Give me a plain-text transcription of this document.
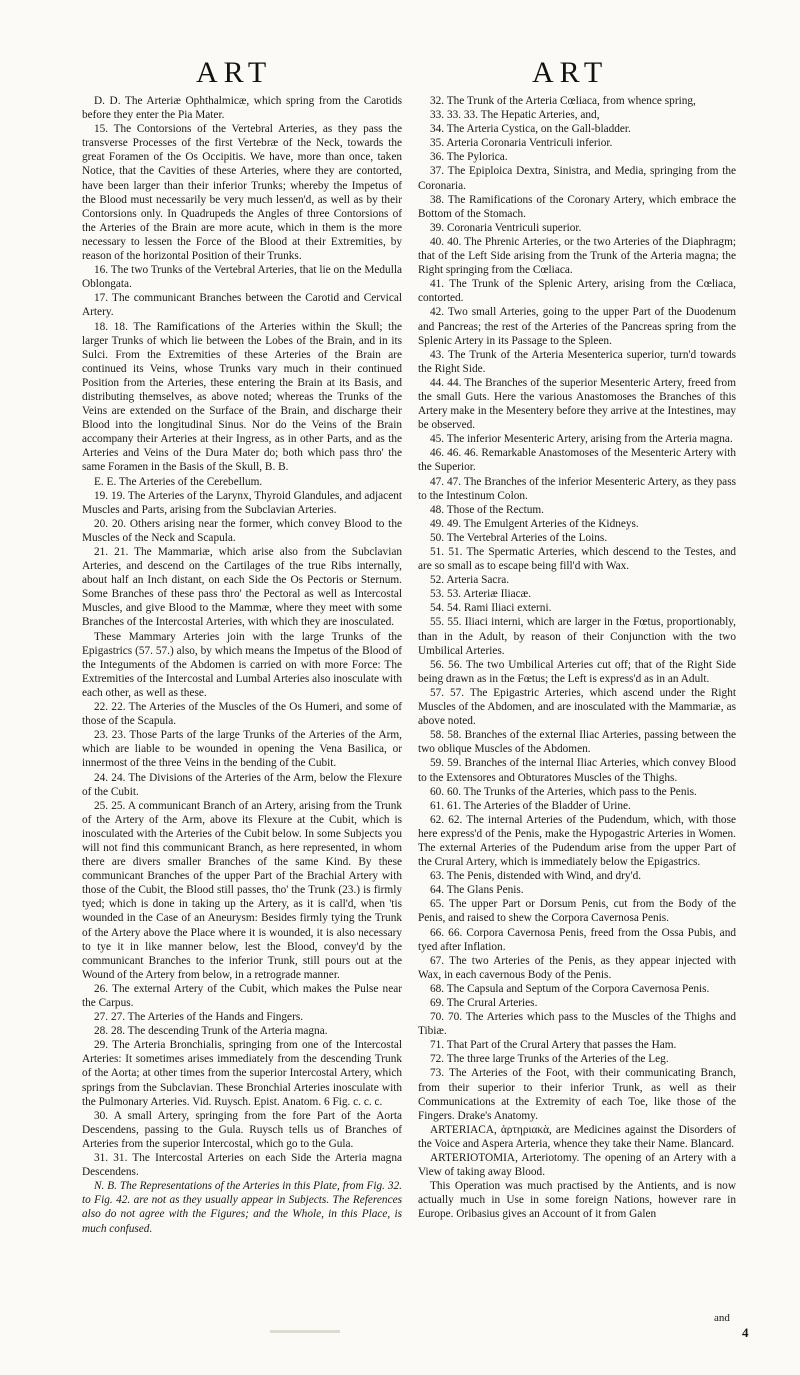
ART	ART

D. D. The Arteriæ Ophthalmicæ, which spring from the Carotids before they enter the Pia Mater.

15. The Contorsions of the Vertebral Arteries, as they pass the transverse Processes of the first Vertebræ of the Neck, towards the great Foramen of the Os Occipitis. We have, more than once, taken Notice, that the Cavities of these Arteries, where they are contorted, have been larger than their inferior Trunks; whereby the Impetus of the Blood must necessarily be very much lessen'd, as well as by their Contorsions only. In Quadrupeds the Angles of three Contorsions of the Arteries of the Brain are more acute, which in them is the more necessary to lessen the Force of the Blood at their Extremities, by reason of the horizontal Position of their Trunks.

16. The two Trunks of the Vertebral Arteries, that lie on the Medulla Oblongata.

17. The communicant Branches between the Carotid and Cervical Artery.

18. 18. The Ramifications of the Arteries within the Skull; the larger Trunks of which lie between the Lobes of the Brain, and in its Sulci. From the Extremities of these Arteries of the Brain are continued its Veins, whose Trunks vary much in their continued Position from the Arteries, these entering the Brain at its Basis, and distributing themselves, as above noted; whereas the Trunks of the Veins are extended on the Surface of the Brain, and discharge their Blood into the longitudinal Sinus. Nor do the Veins of the Brain accompany their Arteries at their Ingress, as in other Parts, and as the Arteries and Veins of the Dura Mater do; both which pass thro' the same Foramen in the Basis of the Skull, B. B.

E. E. The Arteries of the Cerebellum.

19. 19. The Arteries of the Larynx, Thyroid Glandules, and adjacent Muscles and Parts, arising from the Subclavian Arteries.

20. 20. Others arising near the former, which convey Blood to the Muscles of the Neck and Scapula.

21. 21. The Mammariæ, which arise also from the Subclavian Arteries, and descend on the Cartilages of the true Ribs internally, about half an Inch distant, on each Side the Os Pectoris or Sternum. Some Branches of these pass thro' the Pectoral as well as Intercostal Muscles, and give Blood to the Mammæ, where they meet with some Branches of the Intercostal Arteries, with which they are inosculated.

These Mammary Arteries join with the large Trunks of the Epigastrics (57. 57.) also, by which means the Impetus of the Blood of the Integuments of the Abdomen is carried on with more Force: The Extremities of the Intercostal and Lumbal Arteries also inosculate with each other, as well as these.

22. 22. The Arteries of the Muscles of the Os Humeri, and some of those of the Scapula.

23. 23. Those Parts of the large Trunks of the Arteries of the Arm, which are liable to be wounded in opening the Vena Basilica, or innermost of the three Veins in the bending of the Cubit.

24. 24. The Divisions of the Arteries of the Arm, below the Flexure of the Cubit.

25. 25. A communicant Branch of an Artery, arising from the Trunk of the Artery of the Arm, above its Flexure at the Cubit, which is inosculated with the Arteries of the Cubit below. In some Subjects you will not find this communicant Branch, as here represented, in whom there are divers smaller Branches of the same Kind. By these communicant Branches of the upper Part of the Brachial Artery with those of the Cubit, the Blood still passes, tho' the Trunk (23.) is firmly tyed; which is done in taking up the Artery, as it is call'd, when 'tis wounded in the Case of an Aneurysm: Besides firmly tying the Trunk of the Artery above the Place where it is wounded, it is also necessary to tye it in like manner below, lest the Blood, convey'd by the communicant Branches to the inferior Trunk, still pours out at the Wound of the Artery from below, in a retrograde manner.

26. The external Artery of the Cubit, which makes the Pulse near the Carpus.

27. 27. The Arteries of the Hands and Fingers.

28. 28. The descending Trunk of the Arteria magna.

29. The Arteria Bronchialis, springing from one of the Intercostal Arteries: It sometimes arises immediately from the descending Trunk of the Aorta; at other times from the superior Intercostal Artery, which springs from the Subclavian. These Bronchial Arteries inosculate with the Pulmonary Arteries. Vid. Ruysch. Epist. Anatom. 6 Fig. c. c. c.

30. A small Artery, springing from the fore Part of the Aorta Descendens, passing to the Gula. Ruysch tells us of Branches of Arteries from the superior Intercostal, which go to the Gula.

31. 31. The Intercostal Arteries on each Side the Arteria magna Descendens.

N. B. The Representations of the Arteries in this Plate, from Fig. 32. to Fig. 42. are not as they usually appear in Subjects. The References also do not agree with the Figures; and the Whole, in this Place, is much confused.

32. The Trunk of the Arteria Cœliaca, from whence spring,

33. 33. 33. The Hepatic Arteries, and,

34. The Arteria Cystica, on the Gall-bladder.

35. Arteria Coronaria Ventriculi inferior.

36. The Pylorica.

37. The Epiploica Dextra, Sinistra, and Media, springing from the Coronaria.

38. The Ramifications of the Coronary Artery, which embrace the Bottom of the Stomach.

39. Coronaria Ventriculi superior.

40. 40. The Phrenic Arteries, or the two Arteries of the Diaphragm; that of the Left Side arising from the Trunk of the Arteria magna; the Right springing from the Cœliaca.

41. The Trunk of the Splenic Artery, arising from the Cœliaca, contorted.

42. Two small Arteries, going to the upper Part of the Duodenum and Pancreas; the rest of the Arteries of the Pancreas spring from the Splenic Artery in its Passage to the Spleen.

43. The Trunk of the Arteria Mesenterica superior, turn'd towards the Right Side.

44. 44. The Branches of the superior Mesenteric Artery, freed from the small Guts. Here the various Anastomoses the Branches of this Artery make in the Mesentery before they arrive at the Intestines, may be observed.

45. The inferior Mesenteric Artery, arising from the Arteria magna.

46. 46. 46. Remarkable Anastomoses of the Mesenteric Artery with the Superior.

47. 47. The Branches of the inferior Mesenteric Artery, as they pass to the Intestinum Colon.

48. Those of the Rectum.

49. 49. The Emulgent Arteries of the Kidneys.

50. The Vertebral Arteries of the Loins.

51. 51. The Spermatic Arteries, which descend to the Testes, and are so small as to escape being fill'd with Wax.

52. Arteria Sacra.

53. 53. Arteriæ Iliacæ.

54. 54. Rami Iliaci externi.

55. 55. Iliaci interni, which are larger in the Fœtus, proportionably, than in the Adult, by reason of their Conjunction with the two Umbilical Arteries.

56. 56. The two Umbilical Arteries cut off; that of the Right Side being drawn as in the Fœtus; the Left is express'd as in an Adult.

57. 57. The Epigastric Arteries, which ascend under the Right Muscles of the Abdomen, and are inosculated with the Mammariæ, as above noted.

58. 58. Branches of the external Iliac Arteries, passing between the two oblique Muscles of the Abdomen.

59. 59. Branches of the internal Iliac Arteries, which convey Blood to the Extensores and Obturatores Muscles of the Thighs.

60. 60. The Trunks of the Arteries, which pass to the Penis.

61. 61. The Arteries of the Bladder of Urine.

62. 62. The internal Arteries of the Pudendum, which, with those here express'd of the Penis, make the Hypogastric Arteries in Women. The external Arteries of the Pudendum arise from the upper Part of the Crural Artery, which is immediately below the Epigastrics.

63. The Penis, distended with Wind, and dry'd.

64. The Glans Penis.

65. The upper Part or Dorsum Penis, cut from the Body of the Penis, and raised to shew the Corpora Cavernosa Penis.

66. 66. Corpora Cavernosa Penis, freed from the Ossa Pubis, and tyed after Inflation.

67. The two Arteries of the Penis, as they appear injected with Wax, in each cavernous Body of the Penis.

68. The Capsula and Septum of the Corpora Cavernosa Penis.

69. The Crural Arteries.

70. 70. The Arteries which pass to the Muscles of the Thighs and Tibiæ.

71. That Part of the Crural Artery that passes the Ham.

72. The three large Trunks of the Arteries of the Leg.

73. The Arteries of the Foot, with their communicating Branch, from their superior to their inferior Trunk, as well as their Communications at the Extremity of each Toe, like those of the Fingers. Drake's Anatomy.

ARTERIACA, ἀρτηριακὰ, are Medicines against the Disorders of the Voice and Aspera Arteria, whence they take their Name. Blancard.

ARTERIOTOMIA, Arteriotomy. The opening of an Artery with a View of taking away Blood.

This Operation was much practised by the Antients, and is now actually much in Use in some foreign Nations, however rare in Europe. Oribasius gives an Account of it from Galen

and
4
